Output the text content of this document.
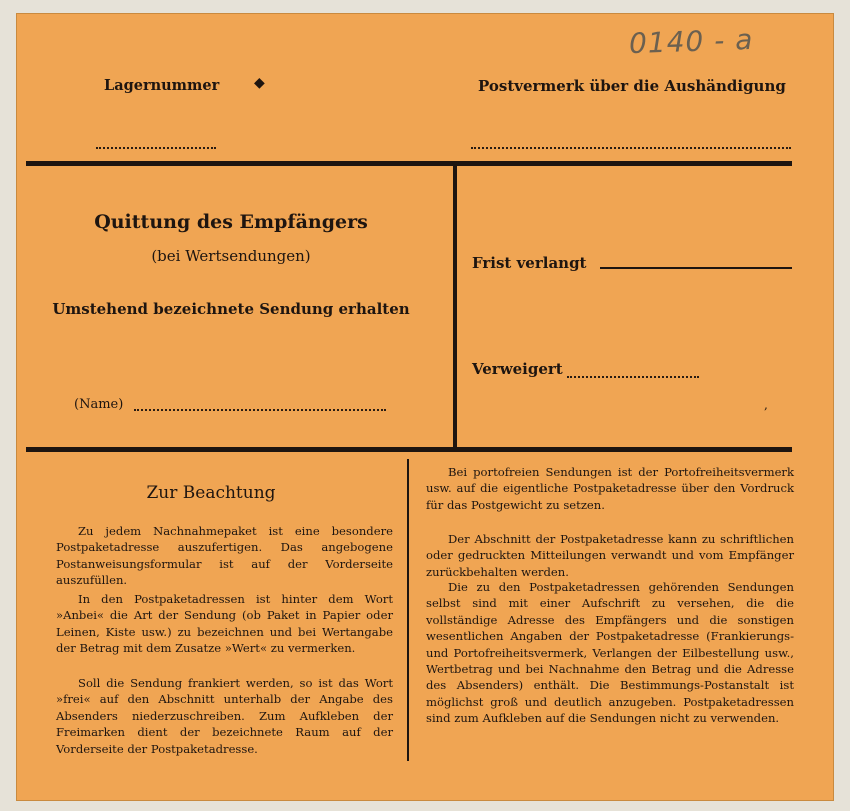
0140 - a
Lagernummer ◆	Postvermerk über die Aushändigung
Quittung des Empfängers
(bei Wertsendungen)
Umstehend bezeichnete Sendung erhalten
(Name)
Frist verlangt
Verweigert
,
Zur Beachtung

Zu jedem Nachnahmepaket ist eine besondere Postpaketadresse auszufertigen. Das angebogene Postanweisungsformular ist auf der Vorderseite auszufüllen.

In den Postpaketadressen ist hinter dem Wort »Anbei« die Art der Sendung (ob Paket in Papier oder Leinen, Kiste usw.) zu bezeichnen und bei Wertangabe der Betrag mit dem Zusatze »Wert« zu vermerken.

Soll die Sendung frankiert werden, so ist das Wort »frei« auf den Abschnitt unterhalb der Angabe des Absenders niederzuschreiben. Zum Aufkleben der Freimarken dient der bezeichnete Raum auf der Vorderseite der Postpaketadresse.

Bei portofreien Sendungen ist der Portofreiheitsvermerk usw. auf die eigentliche Postpaketadresse über den Vordruck für das Postgewicht zu setzen.

Der Abschnitt der Postpaketadresse kann zu schriftlichen oder gedruckten Mitteilungen verwandt und vom Empfänger zurückbehalten werden.

Die zu den Postpaketadressen gehörenden Sendungen selbst sind mit einer Aufschrift zu versehen, die die vollständige Adresse des Empfängers und die sonstigen wesentlichen Angaben der Postpaketadresse (Frankierungs- und Portofreiheitsvermerk, Verlangen der Eilbestellung usw., Wertbetrag und bei Nachnahme den Betrag und die Adresse des Absenders) enthält. Die Bestimmungs-Postanstalt ist möglichst groß und deutlich anzugeben. Postpaketadressen sind zum Aufkleben auf die Sendungen nicht zu verwenden.
